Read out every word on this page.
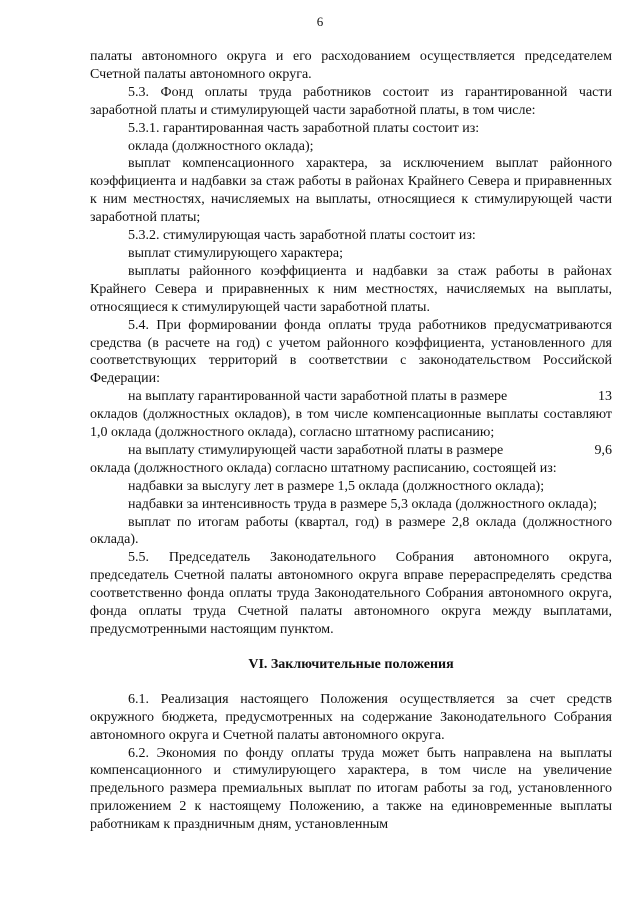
6

палаты автономного округа и его расходованием осуществляется председателем Счетной палаты автономного округа.

5.3. Фонд оплаты труда работников состоит из гарантированной части заработной платы и стимулирующей части заработной платы, в том числе:

5.3.1. гарантированная часть заработной платы состоит из:

оклада (должностного оклада);

выплат компенсационного характера, за исключением выплат районного коэффициента и надбавки за стаж работы в районах Крайнего Севера и приравненных к ним местностях, начисляемых на выплаты, относящиеся к стимулирующей части заработной платы;

5.3.2. стимулирующая часть заработной платы состоит из:

выплат стимулирующего характера;

выплаты районного коэффициента и надбавки за стаж работы в районах Крайнего Севера и приравненных к ним местностях, начисляемых на выплаты, относящиеся к стимулирующей части заработной платы.

5.4. При формировании фонда оплаты труда работников предусматриваются средства (в расчете на год) с учетом районного коэффициента, установленного для соответствующих территорий в соответствии с законодательством Российской Федерации:

на выплату гарантированной части заработной платы в размере	13

окладов (должностных окладов), в том числе компенсационные выплаты составляют 1,0 оклада (должностного оклада), согласно штатному расписанию;

на выплату стимулирующей части заработной платы в размере	9,6

оклада (должностного оклада) согласно штатному расписанию, состоящей из:

надбавки за выслугу лет в размере 1,5 оклада (должностного оклада);

надбавки за интенсивность труда в размере 5,3 оклада (должностного оклада);

выплат по итогам работы (квартал, год) в размере 2,8 оклада (должностного оклада).

5.5. Председатель Законодательного Собрания автономного округа, председатель Счетной палаты автономного округа вправе перераспределять средства соответственно фонда оплаты труда Законодательного Собрания автономного округа, фонда оплаты труда Счетной палаты автономного округа между выплатами, предусмотренными настоящим пунктом.

VI. Заключительные положения

6.1. Реализация настоящего Положения осуществляется за счет средств окружного бюджета, предусмотренных на содержание Законодательного Собрания автономного округа и Счетной палаты автономного округа.

6.2. Экономия по фонду оплаты труда может быть направлена на выплаты компенсационного и стимулирующего характера, в том числе на увеличение предельного размера премиальных выплат по итогам работы за год, установленного приложением 2 к настоящему Положению, а также на единовременные выплаты работникам к праздничным дням, установленным
